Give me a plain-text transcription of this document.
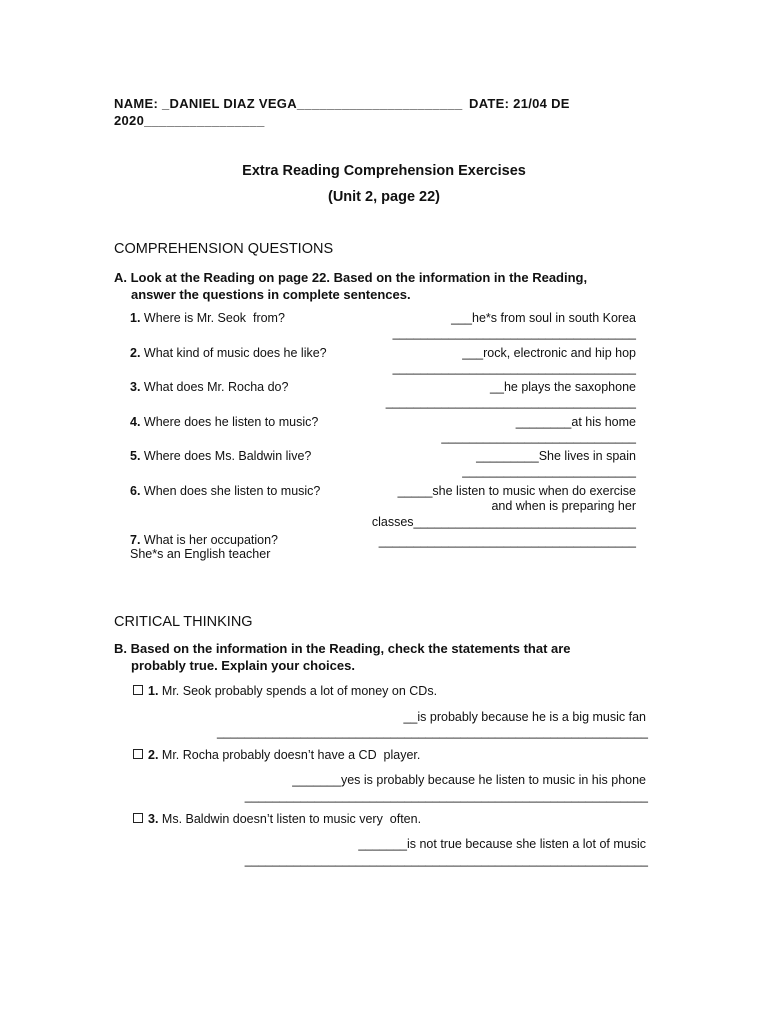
NAME: _DANIEL DIAZ VEGA______________________ DATE: 21/04 DE
2020________________
Extra Reading Comprehension Exercises
(Unit 2, page 22)
COMPREHENSION QUESTIONS
A. Look at the Reading on page 22. Based on the information in the Reading,
answer the questions in complete sentences.
1. Where is Mr. Seok  from?	___he*s from soul in south Korea
___________________________________
2. What kind of music does he like?	___rock, electronic and hip hop
___________________________________
3. What does Mr. Rocha do?	__he plays the saxophone
____________________________________
4. Where does he listen to music?	________at his home
____________________________
5. Where does Ms. Baldwin live?	_________She lives in spain
_________________________
6. When does she listen to music?	_____she listen to music when do exercise
and when is preparing her
classes________________________________
7. What is her occupation?
She*s an English teacher
_____________________________________
CRITICAL THINKING
B. Based on the information in the Reading, check the statements that are
probably true. Explain your choices.
1. Mr. Seok probably spends a lot of money on CDs.
__is probably because he is a big music fan
______________________________________________________________
2. Mr. Rocha probably doesn’t have a CD  player.
_______yes is probably because he listen to music in his phone
__________________________________________________________
3. Ms. Baldwin doesn’t listen to music very  often.
_______is not true because she listen a lot of music
__________________________________________________________
